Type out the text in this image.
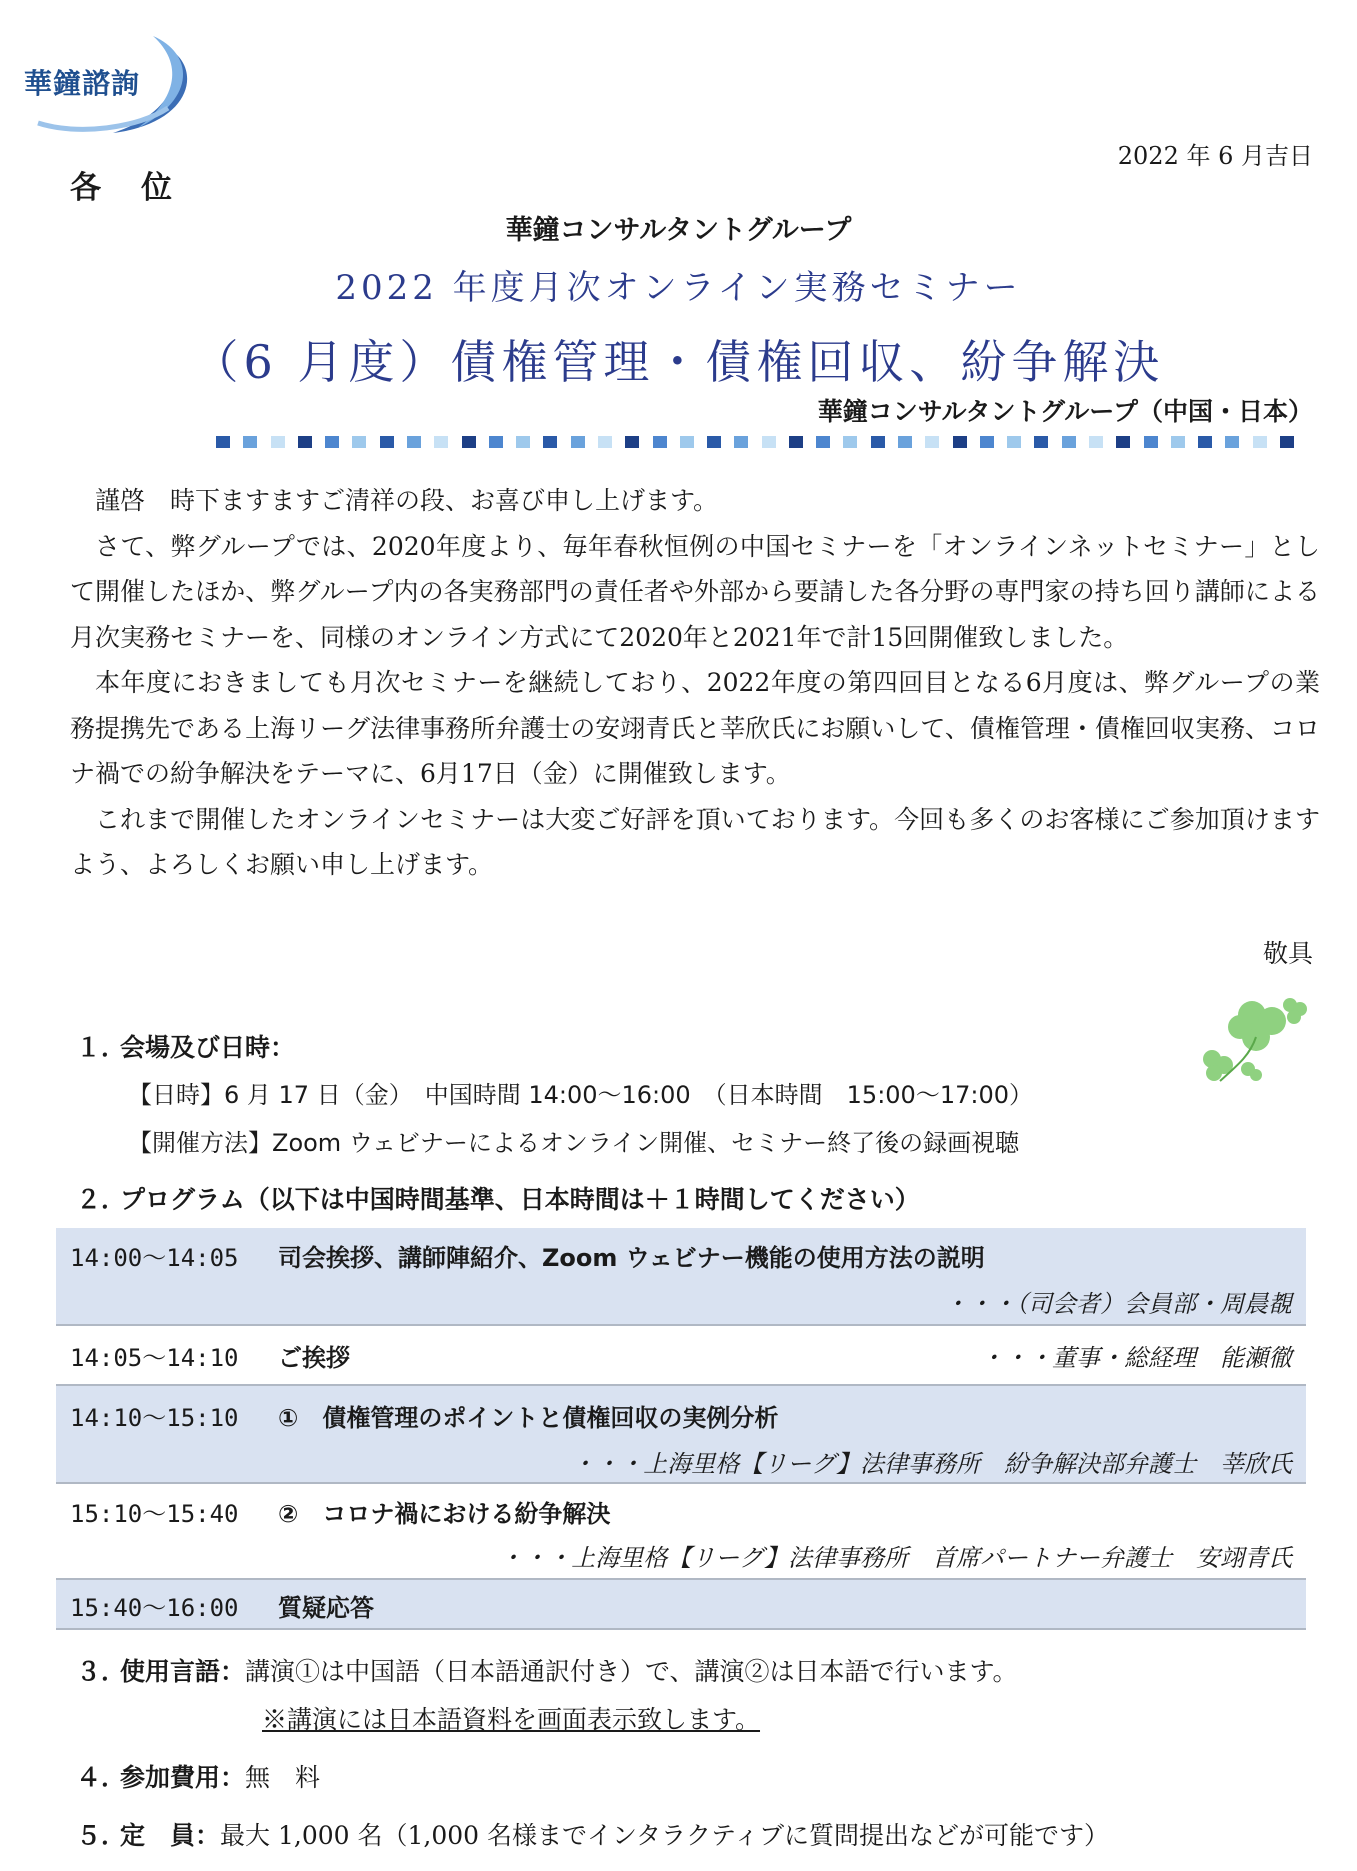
華鐘諮詢
2022 年 6 月吉日
各位
華鐘コンサルタントグループ
2022 年度月次オンライン実務セミナー
（6 月度）債権管理・債権回収、紛争解決
華鐘コンサルタントグループ（中国・日本）

謹啓　時下ますますご清祥の段、お喜び申し上げます。

さて、弊グループでは、2020年度より、毎年春秋恒例の中国セミナーを「オンラインネットセミナー」として開催したほか、弊グループ内の各実務部門の責任者や外部から要請した各分野の専門家の持ち回り講師による月次実務セミナーを、同様のオンライン方式にて2020年と2021年で計15回開催致しました。

本年度におきましても月次セミナーを継続しており、2022年度の第四回目となる6月度は、弊グループの業務提携先である上海リーグ法律事務所弁護士の安翊青氏と莘欣氏にお願いして、債権管理・債権回収実務、コロナ禍での紛争解決をテーマに、6月17日（金）に開催致します。

これまで開催したオンラインセミナーは大変ご好評を頂いております。今回も多くのお客様にご参加頂けますよう、よろしくお願い申し上げます。

敬具
１．会場及び日時：
【日時】6 月 17 日（金）　中国時間 14:00～16:00　（日本時間　15:00～17:00）
【開催方法】Zoom ウェビナーによるオンライン開催、セミナー終了後の録画視聴
２．プログラム（以下は中国時間基準、日本時間は＋１時間してください）
14:00～14:05 司会挨拶、講師陣紹介、Zoom ウェビナー機能の使用方法の説明
・・・（司会者）会員部・周晨覩
14:05～14:10 ご挨拶	・・・董事・総経理　能瀬徹
14:10～15:10 ①　債権管理のポイントと債権回収の実例分析
・・・上海里格【リーグ】法律事務所　紛争解決部弁護士　莘欣氏
15:10～15:40 ②　コロナ禍における紛争解決
・・・上海里格【リーグ】法律事務所　首席パートナー弁護士　安翊青氏
15:40～16:00 質疑応答
３．使用言語：講演①は中国語（日本語通訳付き）で、講演②は日本語で行います。
※講演には日本語資料を画面表示致します。
４．参加費用：無　料
５．定　員：最大 1,000 名（1,000 名様までインタラクティブに質問提出などが可能です）
